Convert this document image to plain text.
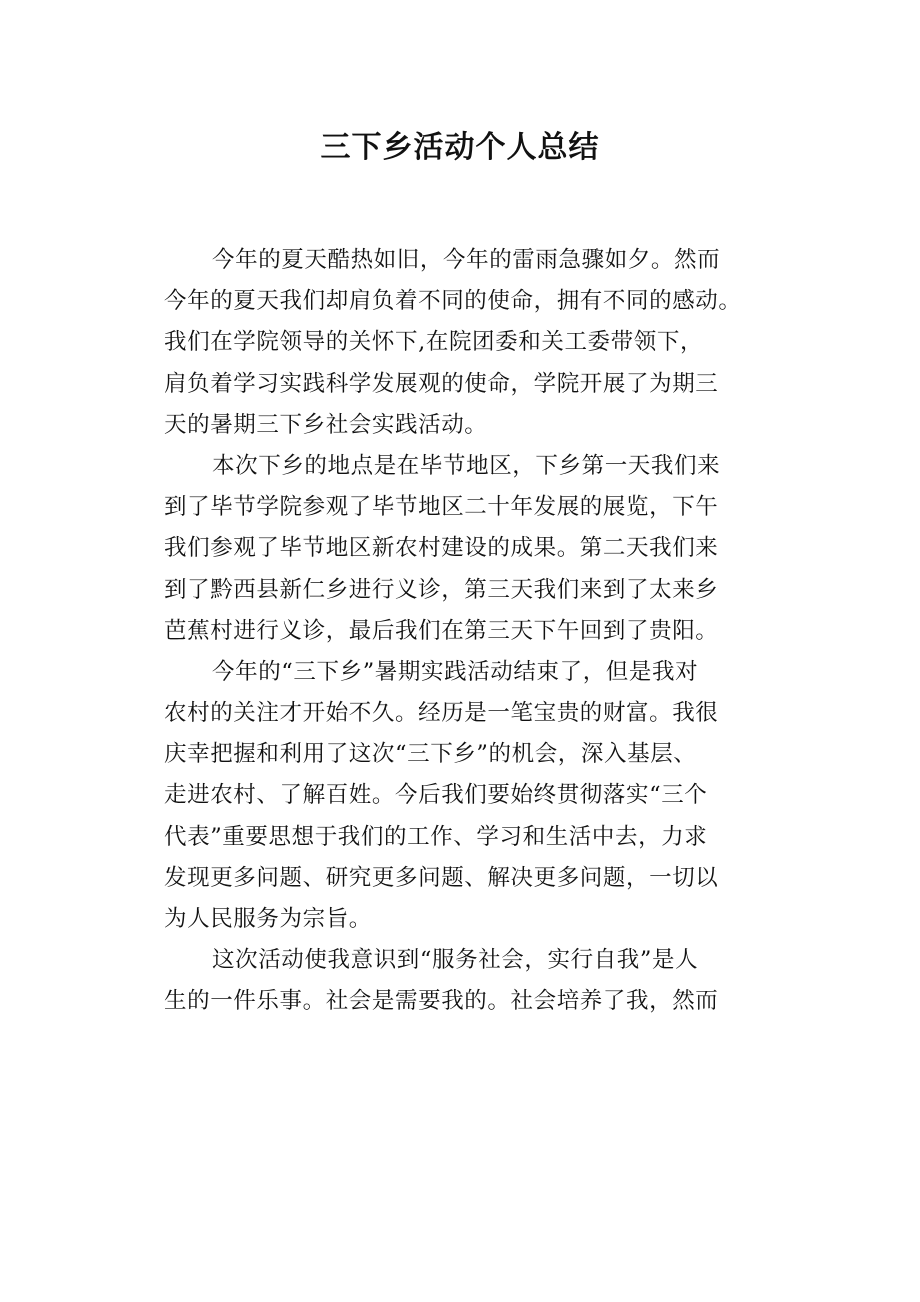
三下乡活动个人总结
今年的夏天酷热如旧，今年的雷雨急骤如夕。然而
今年的夏天我们却肩负着不同的使命，拥有不同的感动。
我们在学院领导的关怀下,在院团委和关工委带领下，
肩负着学习实践科学发展观的使命，学院开展了为期三
天的暑期三下乡社会实践活动。
本次下乡的地点是在毕节地区，下乡第一天我们来
到了毕节学院参观了毕节地区二十年发展的展览，下午
我们参观了毕节地区新农村建设的成果。第二天我们来
到了黔西县新仁乡进行义诊，第三天我们来到了太来乡
芭蕉村进行义诊，最后我们在第三天下午回到了贵阳。
今年的“三下乡”暑期实践活动结束了，但是我对
农村的关注才开始不久。经历是一笔宝贵的财富。我很
庆幸把握和利用了这次“三下乡”的机会，深入基层、
走进农村、了解百姓。今后我们要始终贯彻落实“三个
代表”重要思想于我们的工作、学习和生活中去，力求
发现更多问题、研究更多问题、解决更多问题，一切以
为人民服务为宗旨。
这次活动使我意识到“服务社会，实行自我”是人
生的一件乐事。社会是需要我的。社会培养了我，然而
